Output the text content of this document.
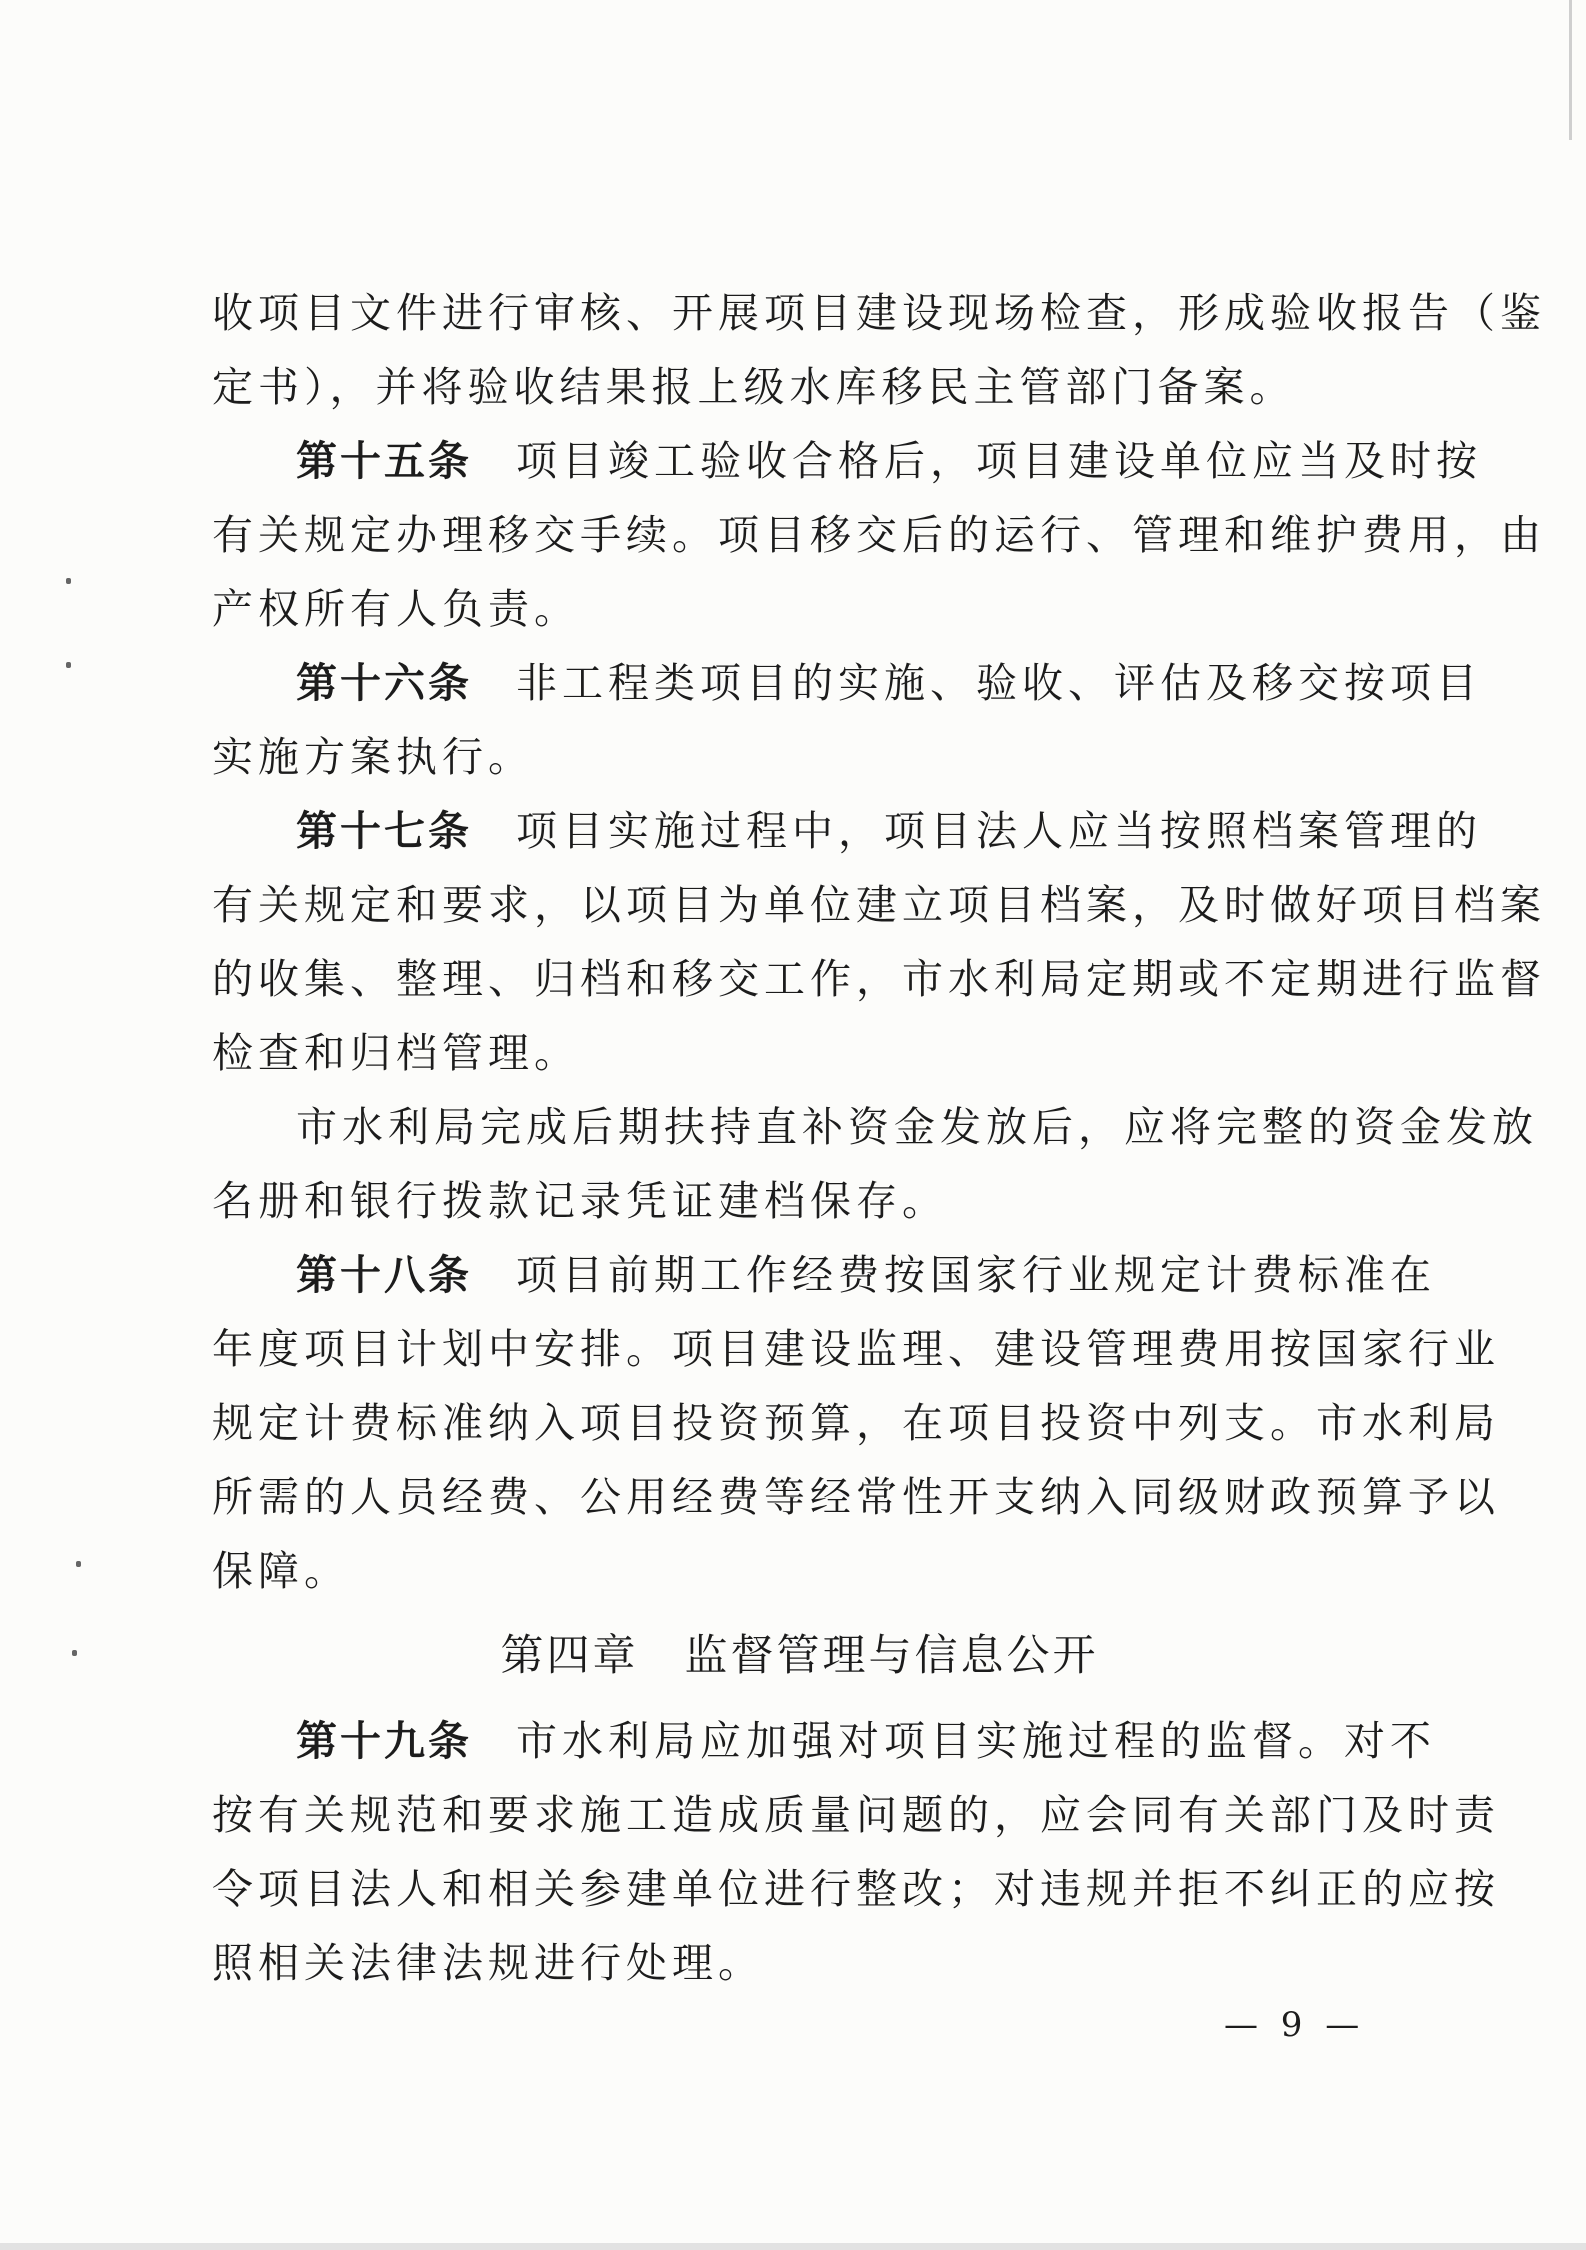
收项目文件进行审核、开展项目建设现场检查，形成验收报告（鉴
定书），并将验收结果报上级水库移民主管部门备案。
第十五条 项目竣工验收合格后，项目建设单位应当及时按
有关规定办理移交手续。项目移交后的运行、管理和维护费用，由
产权所有人负责。
第十六条 非工程类项目的实施、验收、评估及移交按项目
实施方案执行。
第十七条 项目实施过程中，项目法人应当按照档案管理的
有关规定和要求，以项目为单位建立项目档案，及时做好项目档案
的收集、整理、归档和移交工作，市水利局定期或不定期进行监督
检查和归档管理。
市水利局完成后期扶持直补资金发放后，应将完整的资金发放
名册和银行拨款记录凭证建档保存。
第十八条 项目前期工作经费按国家行业规定计费标准在
年度项目计划中安排。项目建设监理、建设管理费用按国家行业
规定计费标准纳入项目投资预算，在项目投资中列支。市水利局
所需的人员经费、公用经费等经常性开支纳入同级财政预算予以
保障。
第四章　监督管理与信息公开
第十九条 市水利局应加强对项目实施过程的监督。对不
按有关规范和要求施工造成质量问题的，应会同有关部门及时责
令项目法人和相关参建单位进行整改；对违规并拒不纠正的应按
照相关法律法规进行处理。
— 9 —
